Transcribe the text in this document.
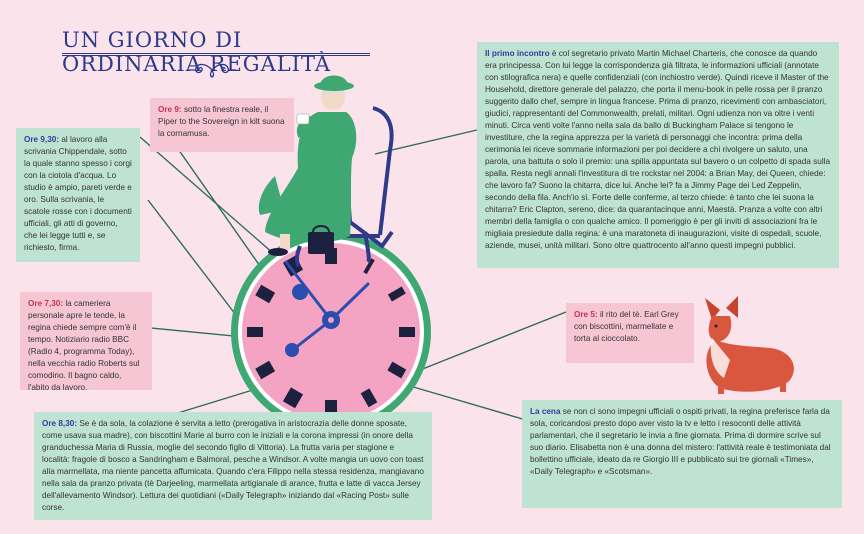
UN GIORNO DI ORDINARIA REGALITÀ
Ore 9,30: al lavoro alla scrivania Chippendale, sotto la quale stanno spesso i corgi con la ciotola d'acqua. Lo studio è ampio, pareti verde e oro. Sulla scrivania, le scatole rosse con i documenti ufficiali, gli atti di governo, che lei legge tutti e, se richiesto, firma.
Ore 9: sotto la finestra reale, il Piper to the Sovereign in kilt suona la cornamusa.
Ore 7,30: la cameriera personale apre le tende, la regina chiede sempre com'è il tempo. Notiziario radio BBC (Radio 4, programma Today), nella vecchia radio Roberts sul comodino. Il bagno caldo, l'abito da lavoro.
Ore 8,30: Se è da sola, la colazione è servita a letto (prerogativa in aristocrazia delle donne sposate, come usava sua madre), con biscottini Marie al burro con le iniziali e la corona impressi (in onore della granduchessa Maria di Russia, moglie del secondo figlio di Vittoria). La frutta varia per stagione e località: fragole di bosco a Sandringham e Balmoral, pesche a Windsor. A volte mangia un uovo con toast alla marmellata, ma niente pancetta affumicata. Quando c'era Filippo nella stessa residenza, mangiavano nella sala da pranzo privata (tè Darjeeling, marmellata artigianale di arance, frutta e latte di vacca Jersey dell'allevamento Windsor). Lettura dei quotidiani («Daily Telegraph» iniziando dal «Racing Post» sulle corse.
Il primo incontro è col segretario privato Martin Michael Charteris, che conosce da quando era principessa. Con lui legge la corrispondenza già filtrata, le informazioni ufficiali (annotate con stilografica nera) e quelle confidenziali (con inchiostro verde). Quindi riceve il Master of the Household, direttore generale del palazzo, che porta il menu-book in pelle rossa per il pranzo suggerito dallo chef, sempre in lingua francese. Prima di pranzo, ricevimenti con ambasciatori, giudici, rappresentanti del Commonwealth, prelati, militari. Ogni udienza non va oltre i venti minuti. Circa venti volte l'anno nella sala da ballo di Buckingham Palace si tengono le investiture, che la regina apprezza per la varietà di personaggi che incontra: prima della cerimonia lei riceve sommarie informazioni per poi decidere a chi rivolgere un saluto, una parola, una battuta o solo il premio: una spilla appuntata sul bavero o un colpetto di spada sulla spalla. Resta negli annali l'investitura di tre rockstar nel 2004: a Brian May, dei Queen, chiede: che lavoro fa? Suono la chitarra, dice lui. Anche lei? fa a Jimmy Page dei Led Zeppelin, secondo della fila. Anch'io sì. Forte delle conferme, al terzo chiede: è tanto che lei suona la chitarra? Eric Clapton, sereno, dice: da quarantacinque anni, Maestà. Pranza a volte con altri membri della famiglia o con qualche amico. Il pomeriggio è per gli inviti di associazioni fra le migliaia presiedute dalla regina: è una maratoneta di inaugurazioni, visite di ospedali, scuole, aziende, musei, unità militari. Sono oltre quattrocento all'anno questi impegni pubblici.
Ore 5: il rito del tè. Earl Grey con biscottini, marmellate e torta al cioccolato.
La cena se non ci sono impegni ufficiali o ospiti privati, la regina preferisce farla da sola, coricandosi presto dopo aver visto la tv e letto i resoconti delle attività parlamentari, che il segretario le invia a fine giornata. Prima di dormire scrive sul suo diario. Elisabetta non è una donna del mistero: l'attività reale è testimoniata dal bollettino ufficiale, ideato da re Giorgio III e pubblicato sui tre giornali «Times», «Daily Telegraph» e «Scotsman».
